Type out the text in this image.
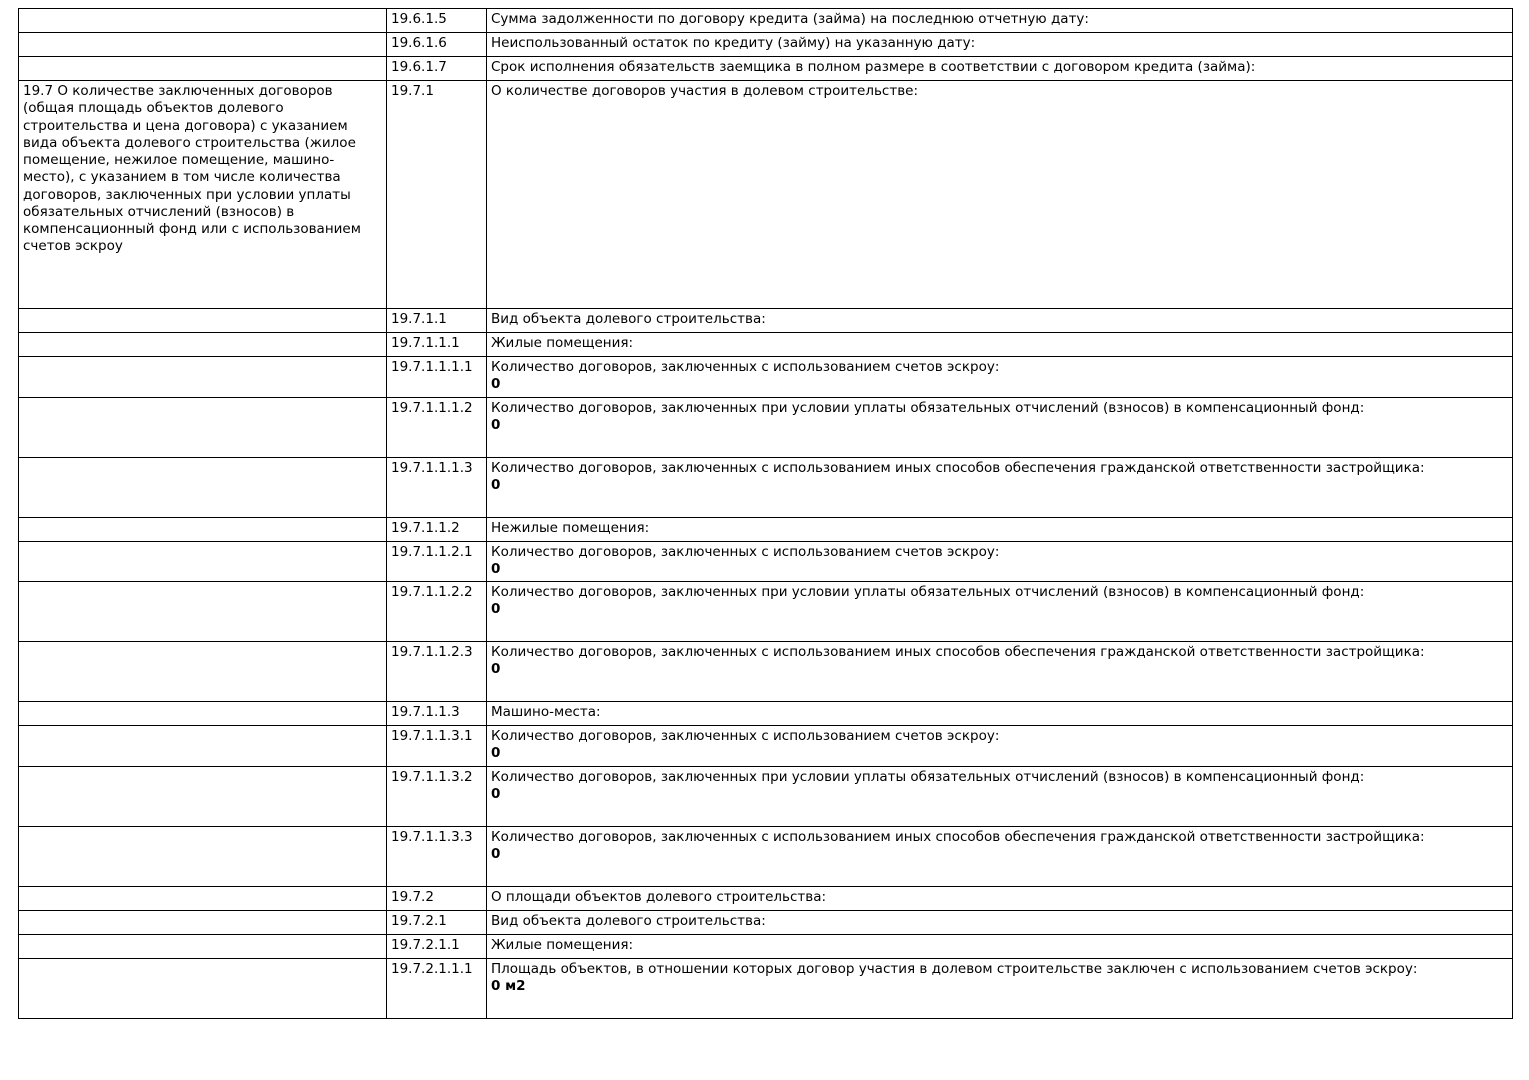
	19.6.1.5	Сумма задолженности по договору кредита (займа) на последнюю отчетную дату:

	19.6.1.6	Неиспользованный остаток по кредиту (займу) на указанную дату:

	19.6.1.7	Срок исполнения обязательств заемщика в полном размере в соответствии с договором кредита (займа):

19.7 О количестве заключенных договоров (общая площадь объектов долевого строительства и цена договора) с указанием вида объекта долевого строительства (жилое помещение, нежилое помещение, машино-место), с указанием в том числе количества договоров, заключенных при условии уплаты обязательных отчислений (взносов) в компенсационный фонд или с использованием счетов эскроу	19.7.1	О количестве договоров участия в долевом строительстве:

	19.7.1.1	Вид объекта долевого строительства:

	19.7.1.1.1	Жилые помещения:

	19.7.1.1.1.1	Количество договоров, заключенных с использованием счетов эскроу:
0

	19.7.1.1.1.2	Количество договоров, заключенных при условии уплаты обязательных отчислений (взносов) в компенсационный фонд:
0

	19.7.1.1.1.3	Количество договоров, заключенных с использованием иных способов обеспечения гражданской ответственности застройщика:
0

	19.7.1.1.2	Нежилые помещения:

	19.7.1.1.2.1	Количество договоров, заключенных с использованием счетов эскроу:
0

	19.7.1.1.2.2	Количество договоров, заключенных при условии уплаты обязательных отчислений (взносов) в компенсационный фонд:
0

	19.7.1.1.2.3	Количество договоров, заключенных с использованием иных способов обеспечения гражданской ответственности застройщика:
0

	19.7.1.1.3	Машино-места:

	19.7.1.1.3.1	Количество договоров, заключенных с использованием счетов эскроу:
0

	19.7.1.1.3.2	Количество договоров, заключенных при условии уплаты обязательных отчислений (взносов) в компенсационный фонд:
0

	19.7.1.1.3.3	Количество договоров, заключенных с использованием иных способов обеспечения гражданской ответственности застройщика:
0

	19.7.2	О площади объектов долевого строительства:

	19.7.2.1	Вид объекта долевого строительства:

	19.7.2.1.1	Жилые помещения:

	19.7.2.1.1.1	Площадь объектов, в отношении которых договор участия в долевом строительстве заключен с использованием счетов эскроу:
0 м2
